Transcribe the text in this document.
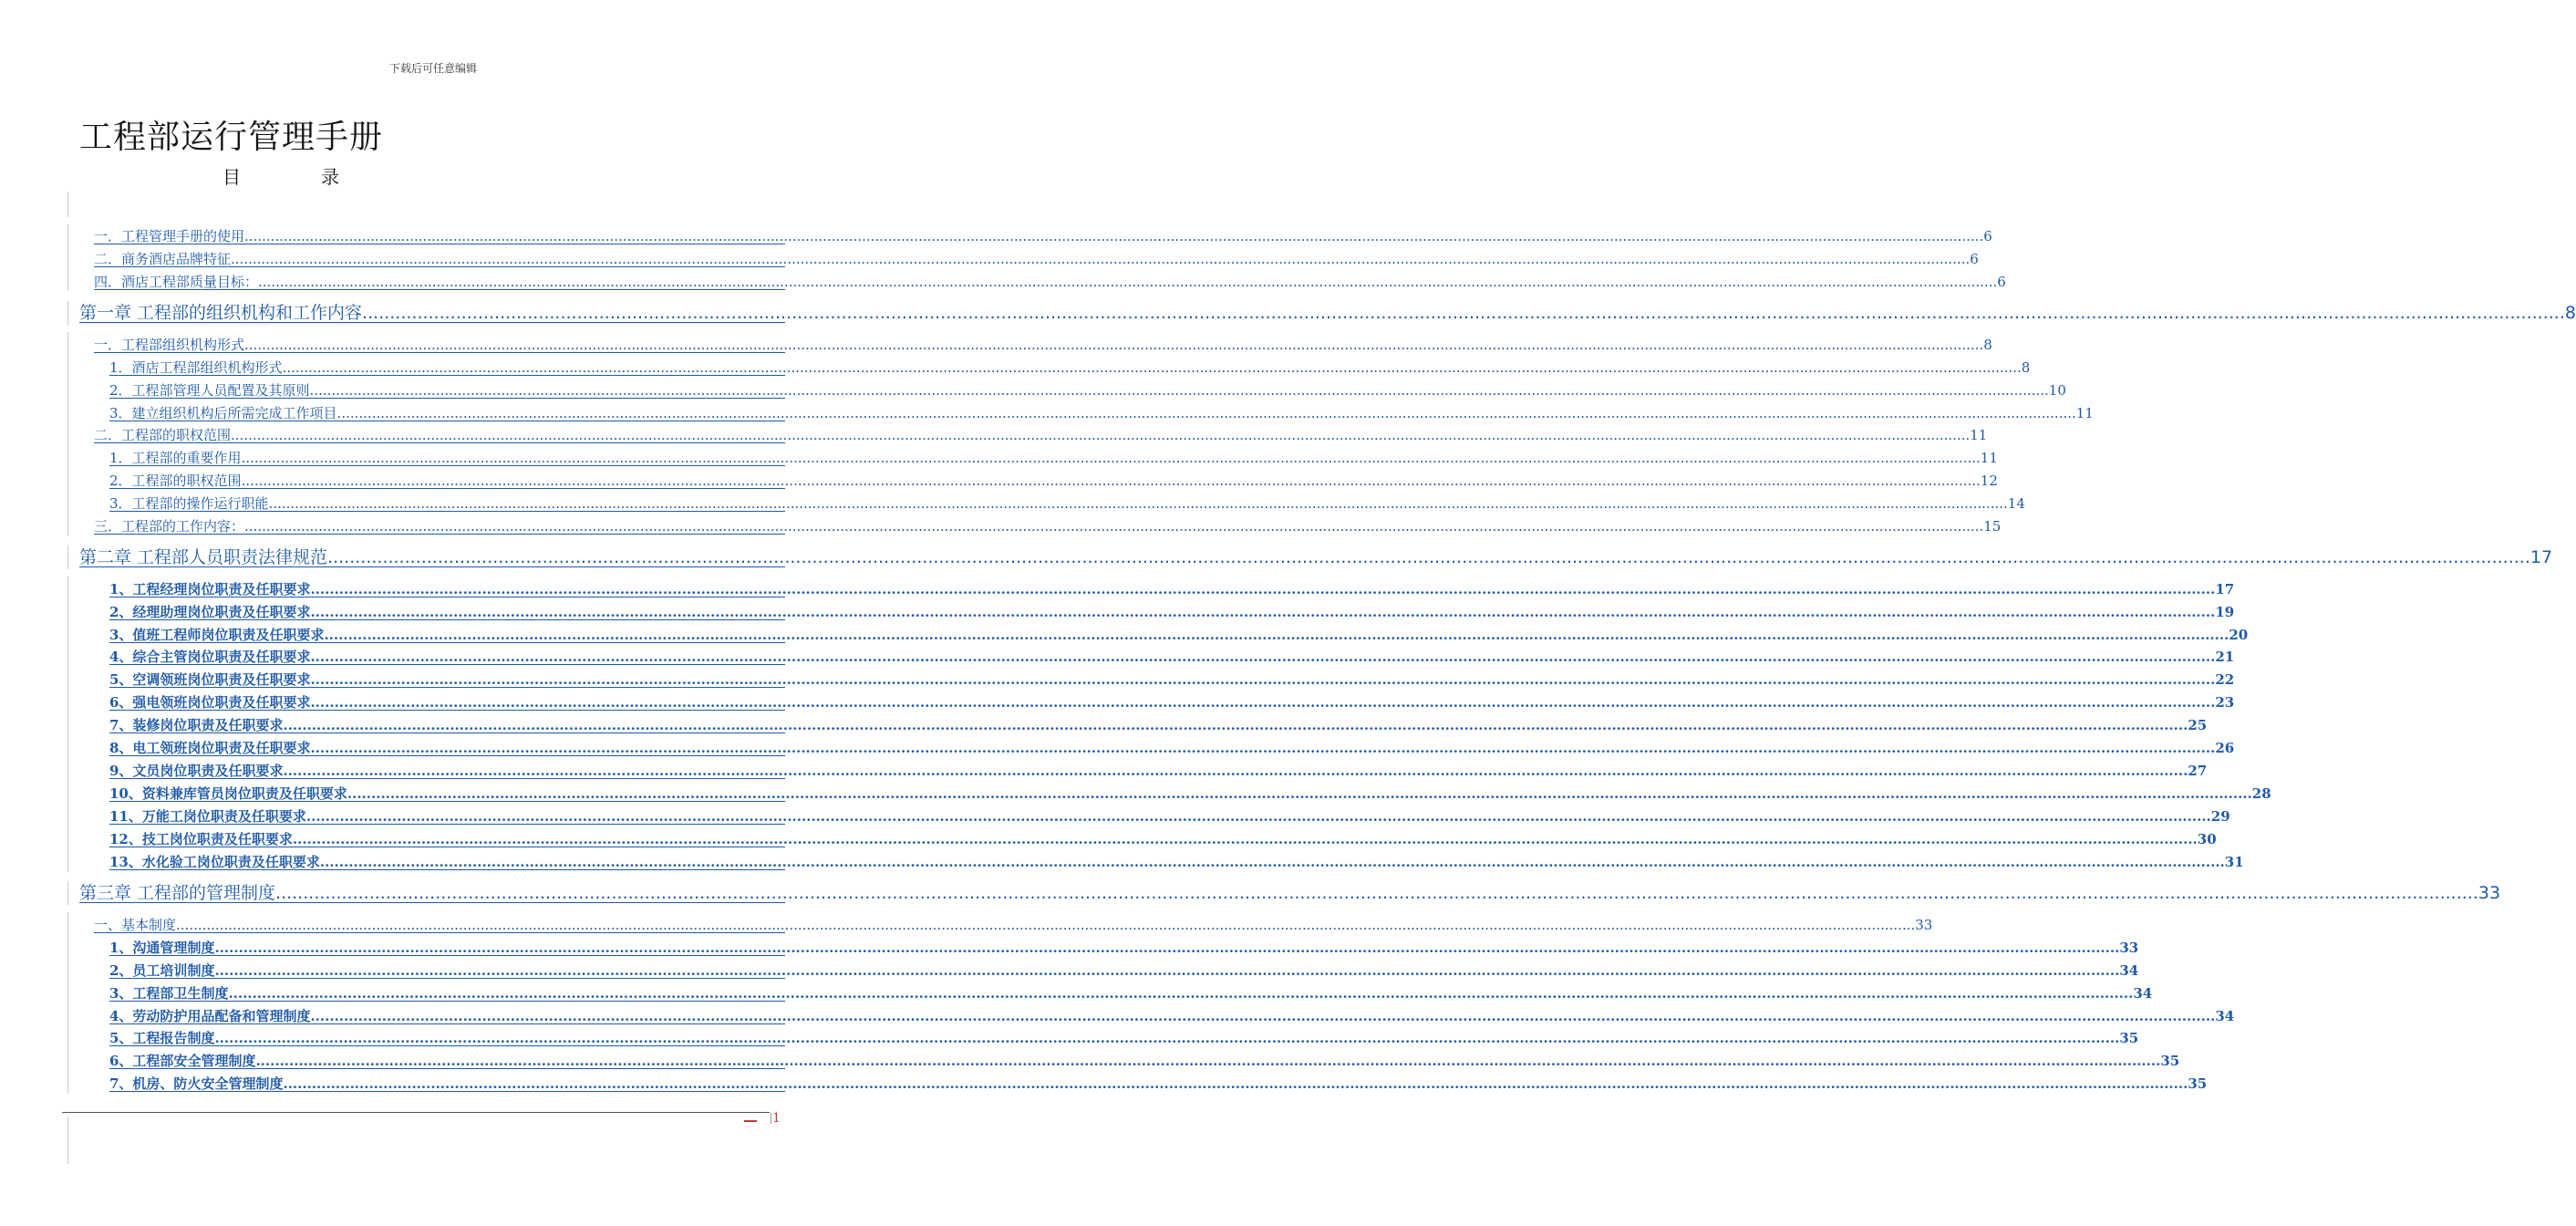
下载后可任意编辑
工程部运行管理手册
目	录
一．工程管理手册的使用 ................................................................................................................................................................................................................................................................................................................................................................................................................ 6
二．商务酒店品牌特征 ................................................................................................................................................................................................................................................................................................................................................................................................................ 6
四．酒店工程部质量目标： ................................................................................................................................................................................................................................................................................................................................................................................................................ 6
第一章 工程部的组织机构和工作内容 ................................................................................................................................................................................................................................................................................................................................................................................................................ 8
一．工程部组织机构形式 ................................................................................................................................................................................................................................................................................................................................................................................................................ 8
1．酒店工程部组织机构形式 ................................................................................................................................................................................................................................................................................................................................................................................................................ 8
2．工程部管理人员配置及其原则 ................................................................................................................................................................................................................................................................................................................................................................................................................ 10
3．建立组织机构后所需完成工作项目 ................................................................................................................................................................................................................................................................................................................................................................................................................ 11
二．工程部的职权范围 ................................................................................................................................................................................................................................................................................................................................................................................................................ 11
1．工程部的重要作用 ................................................................................................................................................................................................................................................................................................................................................................................................................ 11
2．工程部的职权范围 ................................................................................................................................................................................................................................................................................................................................................................................................................ 12
3．工程部的操作运行职能 ................................................................................................................................................................................................................................................................................................................................................................................................................ 14
三．工程部的工作内容： ................................................................................................................................................................................................................................................................................................................................................................................................................ 15
第二章 工程部人员职责法律规范 ................................................................................................................................................................................................................................................................................................................................................................................................................ 17
1、工程经理岗位职责及任职要求 ................................................................................................................................................................................................................................................................................................................................................................................................................ 17
2、经理助理岗位职责及任职要求 ................................................................................................................................................................................................................................................................................................................................................................................................................ 19
3、值班工程师岗位职责及任职要求 ................................................................................................................................................................................................................................................................................................................................................................................................................ 20
4、综合主管岗位职责及任职要求 ................................................................................................................................................................................................................................................................................................................................................................................................................ 21
5、空调领班岗位职责及任职要求 ................................................................................................................................................................................................................................................................................................................................................................................................................ 22
6、强电领班岗位职责及任职要求 ................................................................................................................................................................................................................................................................................................................................................................................................................ 23
7、装修岗位职责及任职要求 ................................................................................................................................................................................................................................................................................................................................................................................................................ 25
8、电工领班岗位职责及任职要求 ................................................................................................................................................................................................................................................................................................................................................................................................................ 26
9、文员岗位职责及任职要求 ................................................................................................................................................................................................................................................................................................................................................................................................................ 27
10、资料兼库管员岗位职责及任职要求 ................................................................................................................................................................................................................................................................................................................................................................................................................ 28
11、万能工岗位职责及任职要求 ................................................................................................................................................................................................................................................................................................................................................................................................................ 29
12、技工岗位职责及任职要求 ................................................................................................................................................................................................................................................................................................................................................................................................................ 30
13、水化验工岗位职责及任职要求 ................................................................................................................................................................................................................................................................................................................................................................................................................ 31
第三章 工程部的管理制度 ................................................................................................................................................................................................................................................................................................................................................................................................................ 33
一、基本制度 ................................................................................................................................................................................................................................................................................................................................................................................................................ 33
1、沟通管理制度 ................................................................................................................................................................................................................................................................................................................................................................................................................ 33
2、员工培训制度 ................................................................................................................................................................................................................................................................................................................................................................................................................ 34
3、工程部卫生制度 ................................................................................................................................................................................................................................................................................................................................................................................................................ 34
4、劳动防护用品配备和管理制度 ................................................................................................................................................................................................................................................................................................................................................................................................................ 34
5、工程报告制度 ................................................................................................................................................................................................................................................................................................................................................................................................................ 35
6、工程部安全管理制度 ................................................................................................................................................................................................................................................................................................................................................................................................................ 35
7、机房、防火安全管理制度 ................................................................................................................................................................................................................................................................................................................................................................................................................ 35
1
